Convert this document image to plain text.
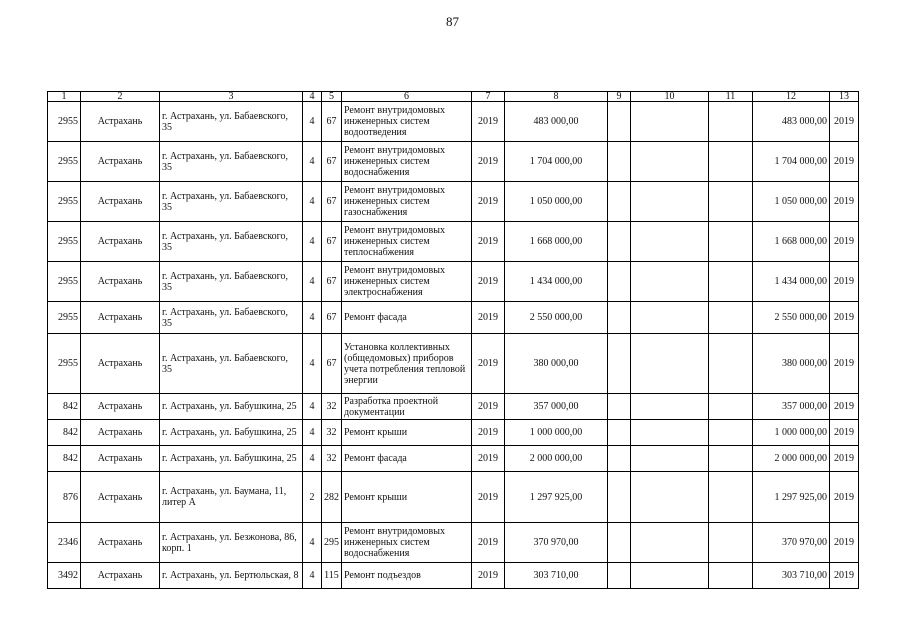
87
1	2	3	4	5	6	7	8	9	10	11	12	13
2955	Астрахань	г. Астрахань, ул. Бабаевского, 35	4	67	Ремонт внутридомовых инженерных систем водоотведения	2019	483 000,00				483 000,00	2019
2955	Астрахань	г. Астрахань, ул. Бабаевского, 35	4	67	Ремонт внутридомовых инженерных систем водоснабжения	2019	1 704 000,00				1 704 000,00	2019
2955	Астрахань	г. Астрахань, ул. Бабаевского, 35	4	67	Ремонт внутридомовых инженерных систем газоснабжения	2019	1 050 000,00				1 050 000,00	2019
2955	Астрахань	г. Астрахань, ул. Бабаевского, 35	4	67	Ремонт внутридомовых инженерных систем теплоснабжения	2019	1 668 000,00				1 668 000,00	2019
2955	Астрахань	г. Астрахань, ул. Бабаевского, 35	4	67	Ремонт внутридомовых инженерных систем электроснабжения	2019	1 434 000,00				1 434 000,00	2019
2955	Астрахань	г. Астрахань, ул. Бабаевского, 35	4	67	Ремонт фасада	2019	2 550 000,00				2 550 000,00	2019
2955	Астрахань	г. Астрахань, ул. Бабаевского, 35	4	67	Установка коллективных (общедомовых) приборов учета потребления тепловой энергии	2019	380 000,00				380 000,00	2019
842	Астрахань	г. Астрахань, ул. Бабушкина, 25	4	32	Разработка проектной документации	2019	357 000,00				357 000,00	2019
842	Астрахань	г. Астрахань, ул. Бабушкина, 25	4	32	Ремонт крыши	2019	1 000 000,00				1 000 000,00	2019
842	Астрахань	г. Астрахань, ул. Бабушкина, 25	4	32	Ремонт фасада	2019	2 000 000,00				2 000 000,00	2019
876	Астрахань	г. Астрахань, ул. Баумана, 11, литер А	2	282	Ремонт крыши	2019	1 297 925,00				1 297 925,00	2019
2346	Астрахань	г. Астрахань, ул. Безжонова, 86, корп. 1	4	295	Ремонт внутридомовых инженерных систем водоснабжения	2019	370 970,00				370 970,00	2019
3492	Астрахань	г. Астрахань, ул. Бертюльская, 8	4	115	Ремонт подъездов	2019	303 710,00				303 710,00	2019
